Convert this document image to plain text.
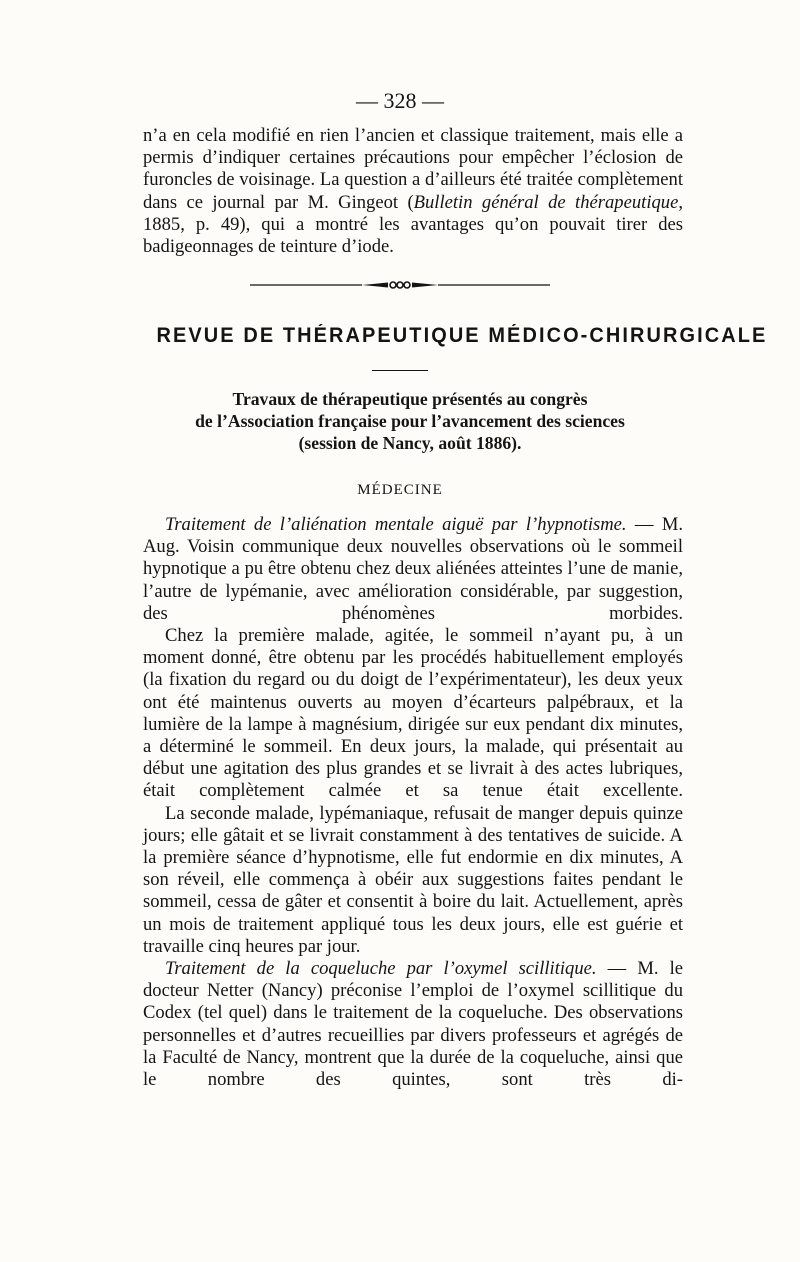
— 328 —
n’a en cela modifié en rien l’ancien et classique traitement, mais elle a permis d’indiquer certaines précautions pour empêcher l’éclosion de furoncles de voisinage. La question a d’ailleurs été traitée complètement dans ce journal par M. Gingeot (Bulletin général de thérapeutique, 1885, p. 49), qui a montré les avantages qu’on pouvait tirer des badigeonnages de teinture d’iode.
REVUE DE THÉRAPEUTIQUE MÉDICO-CHIRURGICALE
Travaux de thérapeutique présentés au congrès
de l’Association française pour l’avancement des sciences
(session de Nancy, août 1886).
MÉDECINE
Traitement de l’aliénation mentale aiguë par l’hypnotisme. — M. Aug. Voisin communique deux nouvelles observations où le sommeil hypnotique a pu être obtenu chez deux aliénées atteintes l’une de manie, l’autre de lypémanie, avec amélioration considérable, par suggestion, des phénomènes morbides.
Chez la première malade, agitée, le sommeil n’ayant pu, à un moment donné, être obtenu par les procédés habituellement employés (la fixation du regard ou du doigt de l’expérimentateur), les deux yeux ont été maintenus ouverts au moyen d’écarteurs palpébraux, et la lumière de la lampe à magnésium, dirigée sur eux pendant dix minutes, a déterminé le sommeil. En deux jours, la malade, qui présentait au début une agitation des plus grandes et se livrait à des actes lubriques, était complètement calmée et sa tenue était excellente.
La seconde malade, lypémaniaque, refusait de manger depuis quinze jours; elle gâtait et se livrait constamment à des tentatives de suicide. A la première séance d’hypnotisme, elle fut endormie en dix minutes, A son réveil, elle commença à obéir aux suggestions faites pendant le sommeil, cessa de gâter et consentit à boire du lait. Actuellement, après un mois de traitement appliqué tous les deux jours, elle est guérie et travaille cinq heures par jour.
Traitement de la coqueluche par l’oxymel scillitique. — M. le docteur Netter (Nancy) préconise l’emploi de l’oxymel scillitique du Codex (tel quel) dans le traitement de la coqueluche. Des observations personnelles et d’autres recueillies par divers professeurs et agrégés de la Faculté de Nancy, montrent que la durée de la coqueluche, ainsi que le nombre des quintes, sont très di-
